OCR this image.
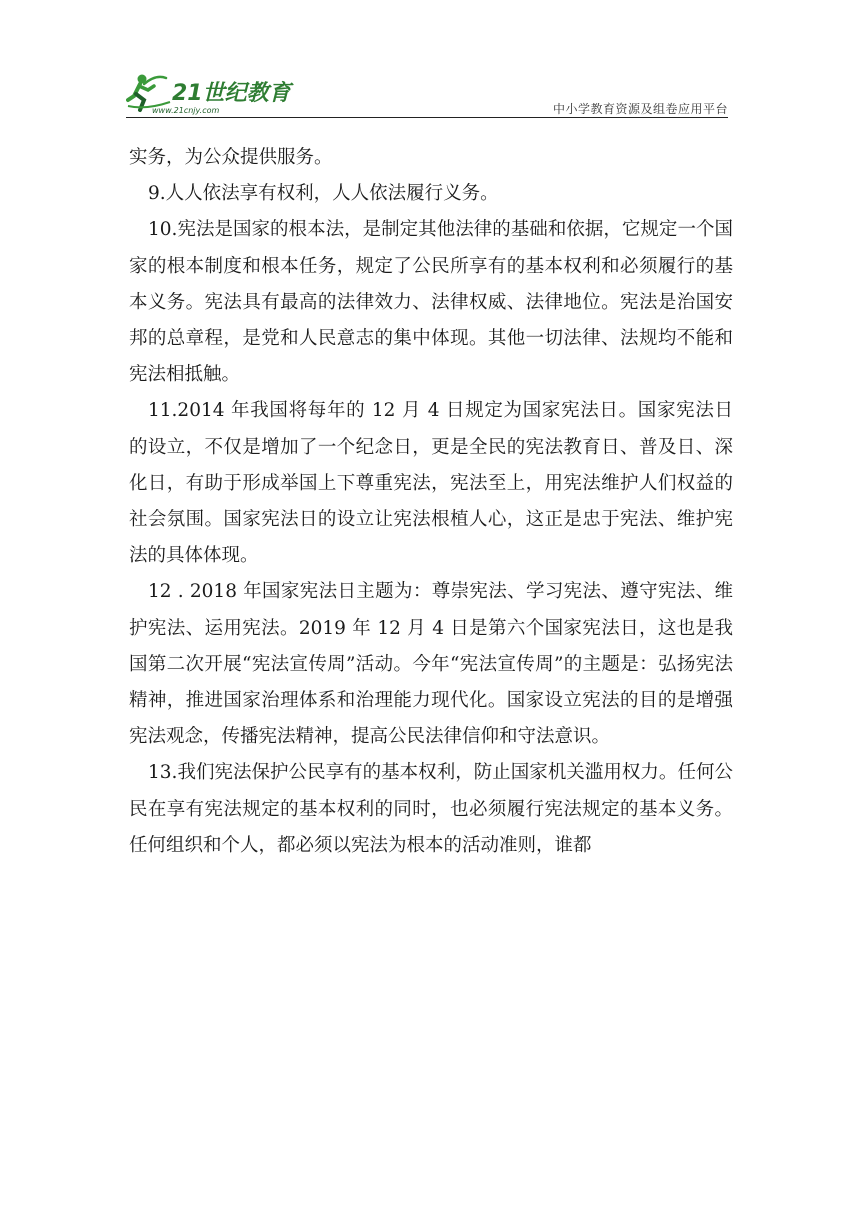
21世纪教育
www.21cnjy.com	中小学教育资源及组卷应用平台

实务，为公众提供服务。

9.人人依法享有权利，人人依法履行义务。

10.宪法是国家的根本法，是制定其他法律的基础和依据，它规定一个国家的根本制度和根本任务，规定了公民所享有的基本权利和必须履行的基本义务。宪法具有最高的法律效力、法律权威、法律地位。宪法是治国安邦的总章程，是党和人民意志的集中体现。其他一切法律、法规均不能和宪法相抵触。

11.2014 年我国将每年的 12 月 4 日规定为国家宪法日。国家宪法日的设立，不仅是增加了一个纪念日，更是全民的宪法教育日、普及日、深化日，有助于形成举国上下尊重宪法，宪法至上，用宪法维护人们权益的社会氛围。国家宪法日的设立让宪法根植人心，这正是忠于宪法、维护宪法的具体体现。

12 . 2018 年国家宪法日主题为：尊崇宪法、学习宪法、遵守宪法、维护宪法、运用宪法。2019 年 12 月 4 日是第六个国家宪法日，这也是我国第二次开展“宪法宣传周”活动。今年“宪法宣传周”的主题是：弘扬宪法精神，推进国家治理体系和治理能力现代化。国家设立宪法的目的是增强宪法观念，传播宪法精神，提高公民法律信仰和守法意识。

13.我们宪法保护公民享有的基本权利，防止国家机关滥用权力。任何公民在享有宪法规定的基本权利的同时，也必须履行宪法规定的基本义务。任何组织和个人，都必须以宪法为根本的活动准则，谁都
